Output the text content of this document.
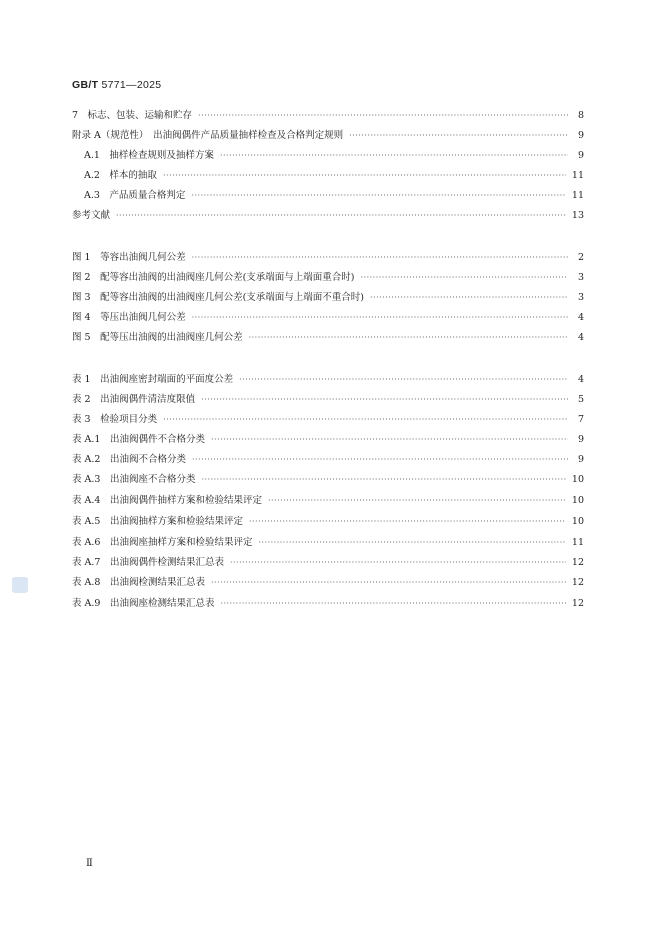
GB/T 5771—2025
7　标志、包装、运输和贮存 ·····	8
附录 A（规范性）　出油阀偶件产品质量抽样检查及合格判定规则 ·····	9
A.1　抽样检查规则及抽样方案 ·····	9
A.2　样本的抽取 ·····	11
A.3　产品质量合格判定 ·····	11
参考文献 ·····	13
图 1　等容出油阀几何公差 ·····	2
图 2　配等容出油阀的出油阀座几何公差(支承端面与上端面重合时) ·····	3
图 3　配等容出油阀的出油阀座几何公差(支承端面与上端面不重合时) ·····	3
图 4　等压出油阀几何公差 ·····	4
图 5　配等压出油阀的出油阀座几何公差 ·····	4
表 1　出油阀座密封端面的平面度公差 ·····	4
表 2　出油阀偶件清洁度限值 ·····	5
表 3　检验项目分类 ·····	7
表 A.1　出油阀偶件不合格分类 ·····	9
表 A.2　出油阀不合格分类 ·····	9
表 A.3　出油阀座不合格分类 ·····	10
表 A.4　出油阀偶件抽样方案和检验结果评定 ·····	10
表 A.5　出油阀抽样方案和检验结果评定 ·····	10
表 A.6　出油阀座抽样方案和检验结果评定 ·····	11
表 A.7　出油阀偶件检测结果汇总表 ·····	12
表 A.8　出油阀检测结果汇总表 ·····	12
表 A.9　出油阀座检测结果汇总表 ·····	12
Ⅱ
